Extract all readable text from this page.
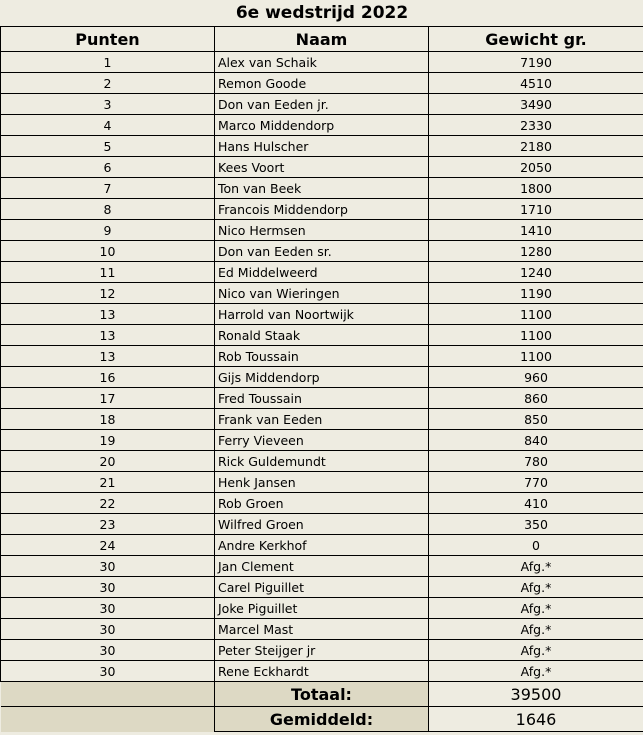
6e wedstrijd 2022		
Punten	Naam	Gewicht gr.
1	Alex van Schaik	7190
2	Remon Goode	4510
3	Don van Eeden jr.	3490
4	Marco Middendorp	2330
5	Hans Hulscher	2180
6	Kees Voort	2050
7	Ton van Beek	1800
8	Francois Middendorp	1710
9	Nico Hermsen	1410
10	Don van Eeden sr.	1280
11	Ed Middelweerd	1240
12	Nico van Wieringen	1190
13	Harrold van Noortwijk	1100
13	Ronald Staak	1100
13	Rob Toussain	1100
16	Gijs Middendorp	960
17	Fred Toussain	860
18	Frank van Eeden	850
19	Ferry Vieveen	840
20	Rick Guldemundt	780
21	Henk Jansen	770
22	Rob Groen	410
23	Wilfred Groen	350
24	Andre Kerkhof	0
30	Jan Clement	Afg.*
30	Carel Piguillet	Afg.*
30	Joke Piguillet	Afg.*
30	Marcel Mast	Afg.*
30	Peter Steijger jr	Afg.*
30	Rene Eckhardt	Afg.*
	Totaal:	39500
	Gemiddeld:	1646
